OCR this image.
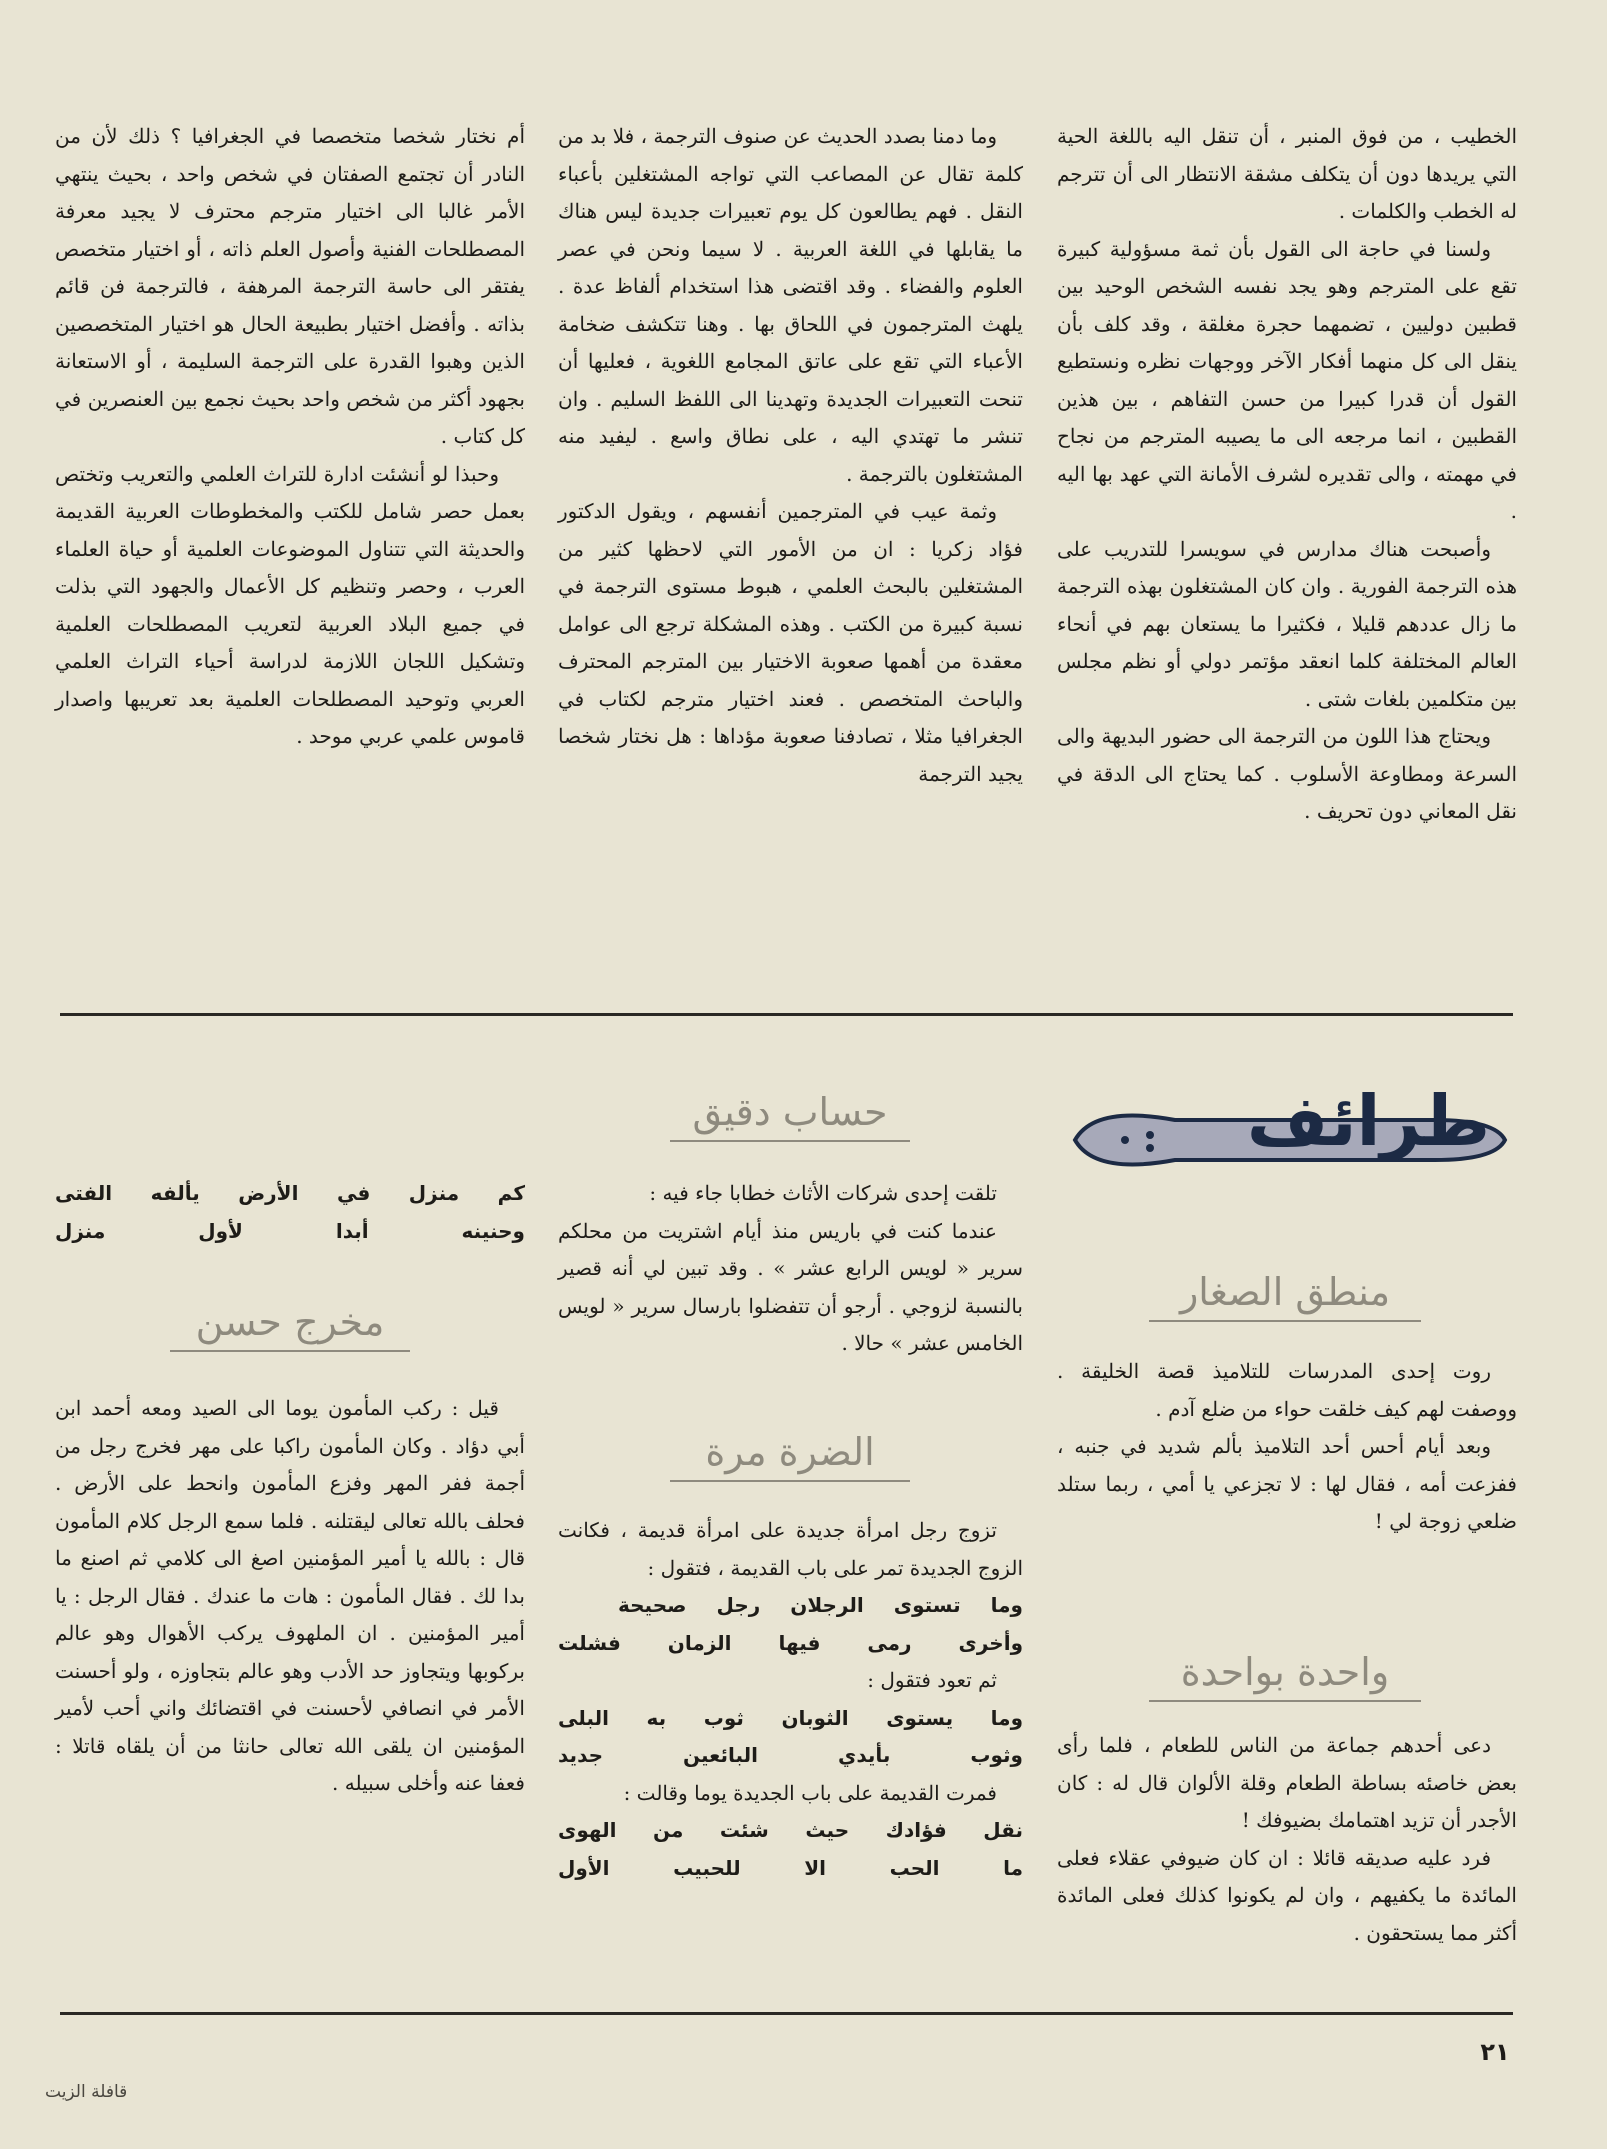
الخطيب ، من فوق المنبر ، أن تنقل اليه باللغة الحية التي يريدها دون أن يتكلف مشقة الانتظار الى أن تترجم له الخطب والكلمات .

ولسنا في حاجة الى القول بأن ثمة مسؤولية كبيرة تقع على المترجم وهو يجد نفسه الشخص الوحيد بين قطبين دوليين ، تضمهما حجرة مغلقة ، وقد كلف بأن ينقل الى كل منهما أفكار الآخر ووجهات نظره ونستطيع القول أن قدرا كبيرا من حسن التفاهم ، بين هذين القطبين ، انما مرجعه الى ما يصيبه المترجم من نجاح في مهمته ، والى تقديره لشرف الأمانة التي عهد بها اليه .

وأصبحت هناك مدارس في سويسرا للتدريب على هذه الترجمة الفورية . وان كان المشتغلون بهذه الترجمة ما زال عددهم قليلا ، فكثيرا ما يستعان بهم في أنحاء العالم المختلفة كلما انعقد مؤتمر دولي أو نظم مجلس بين متكلمين بلغات شتى .

ويحتاج هذا اللون من الترجمة الى حضور البديهة والى السرعة ومطاوعة الأسلوب . كما يحتاج الى الدقة في نقل المعاني دون تحريف .

وما دمنا بصدد الحديث عن صنوف الترجمة ، فلا بد من كلمة تقال عن المصاعب التي تواجه المشتغلين بأعباء النقل . فهم يطالعون كل يوم تعبيرات جديدة ليس هناك ما يقابلها في اللغة العربية . لا سيما ونحن في عصر العلوم والفضاء . وقد اقتضى هذا استخدام ألفاظ عدة . يلهث المترجمون في اللحاق بها . وهنا تتكشف ضخامة الأعباء التي تقع على عاتق المجامع اللغوية ، فعليها أن تنحت التعبيرات الجديدة وتهدينا الى اللفظ السليم . وان تنشر ما تهتدي اليه ، على نطاق واسع . ليفيد منه المشتغلون بالترجمة .

وثمة عيب في المترجمين أنفسهم ، ويقول الدكتور فؤاد زكريا : ان من الأمور التي لاحظها كثير من المشتغلين بالبحث العلمي ، هبوط مستوى الترجمة في نسبة كبيرة من الكتب . وهذه المشكلة ترجع الى عوامل معقدة من أهمها صعوبة الاختيار بين المترجم المحترف والباحث المتخصص . فعند اختيار مترجم لكتاب في الجغرافيا مثلا ، تصادفنا صعوبة مؤداها : هل نختار شخصا يجيد الترجمة

أم نختار شخصا متخصصا في الجغرافيا ؟ ذلك لأن من النادر أن تجتمع الصفتان في شخص واحد ، بحيث ينتهي الأمر غالبا الى اختيار مترجم محترف لا يجيد معرفة المصطلحات الفنية وأصول العلم ذاته ، أو اختيار متخصص يفتقر الى حاسة الترجمة المرهفة ، فالترجمة فن قائم بذاته . وأفضل اختيار بطبيعة الحال هو اختيار المتخصصين الذين وهبوا القدرة على الترجمة السليمة ، أو الاستعانة بجهود أكثر من شخص واحد بحيث نجمع بين العنصرين في كل كتاب .

وحبذا لو أنشئت ادارة للتراث العلمي والتعريب وتختص بعمل حصر شامل للكتب والمخطوطات العربية القديمة والحديثة التي تتناول الموضوعات العلمية أو حياة العلماء العرب ، وحصر وتنظيم كل الأعمال والجهود التي بذلت في جميع البلاد العربية لتعريب المصطلحات العلمية وتشكيل اللجان اللازمة لدراسة أحياء التراث العلمي العربي وتوحيد المصطلحات العلمية بعد تعريبها واصدار قاموس علمي عربي موحد .

طرائف
منطق الصغار

روت إحدى المدرسات للتلاميذ قصة الخليقة . ووصفت لهم كيف خلقت حواء من ضلع آدم .

وبعد أيام أحس أحد التلاميذ بألم شديد في جنبه ، ففزعت أمه ، فقال لها : لا تجزعي يا أمي ، ربما ستلد ضلعي زوجة لي !

واحدة بواحدة

دعى أحدهم جماعة من الناس للطعام ، فلما رأى بعض خاصئه بساطة الطعام وقلة الألوان قال له : كان الأجدر أن تزيد اهتمامك بضيوفك !

فرد عليه صديقه قائلا : ان كان ضيوفي عقلاء فعلى المائدة ما يكفيهم ، وان لم يكونوا كذلك فعلى المائدة أكثر مما يستحقون .

حساب دقيق

تلقت إحدى شركات الأثاث خطابا جاء فيه :

عندما كنت في باريس منذ أيام اشتريت من محلكم سرير « لويس الرابع عشر » . وقد تبين لي أنه قصير بالنسبة لزوجي . أرجو أن تتفضلوا بارسال سرير « لويس الخامس عشر » حالا .

الضرة مرة

تزوج رجل امرأة جديدة على امرأة قديمة ، فكانت الزوج الجديدة تمر على باب القديمة ، فتقول :

وما تستوى الرجلان رجل صحيحة
وأخرى رمى فيها الزمان فشلت

ثم تعود فتقول :

وما يستوى الثوبان ثوب به البلى
وثوب بأيدي البائعين جديد

فمرت القديمة على باب الجديدة يوما وقالت :

نقل فؤادك حيث شئت من الهوى
ما الحب الا للحبيب الأول
كم منزل في الأرض يألفه الفتى
وحنينه أبدا لأول منزل
مخرج حسن

قيل : ركب المأمون يوما الى الصيد ومعه أحمد ابن أبي دؤاد . وكان المأمون راكبا على مهر فخرج رجل من أجمة ففر المهر وفزع المأمون وانحط على الأرض . فحلف بالله تعالى ليقتلنه . فلما سمع الرجل كلام المأمون قال : بالله يا أمير المؤمنين اصغ الى كلامي ثم اصنع ما بدا لك . فقال المأمون : هات ما عندك . فقال الرجل : يا أمير المؤمنين . ان الملهوف يركب الأهوال وهو عالم بركوبها ويتجاوز حد الأدب وهو عالم بتجاوزه ، ولو أحسنت الأمر في انصافي لأحسنت في اقتضائك واني أحب لأمير المؤمنين ان يلقى الله تعالى حانثا من أن يلقاه قاتلا : فعفا عنه وأخلى سبيله .

٢١
قافلة الزيت
